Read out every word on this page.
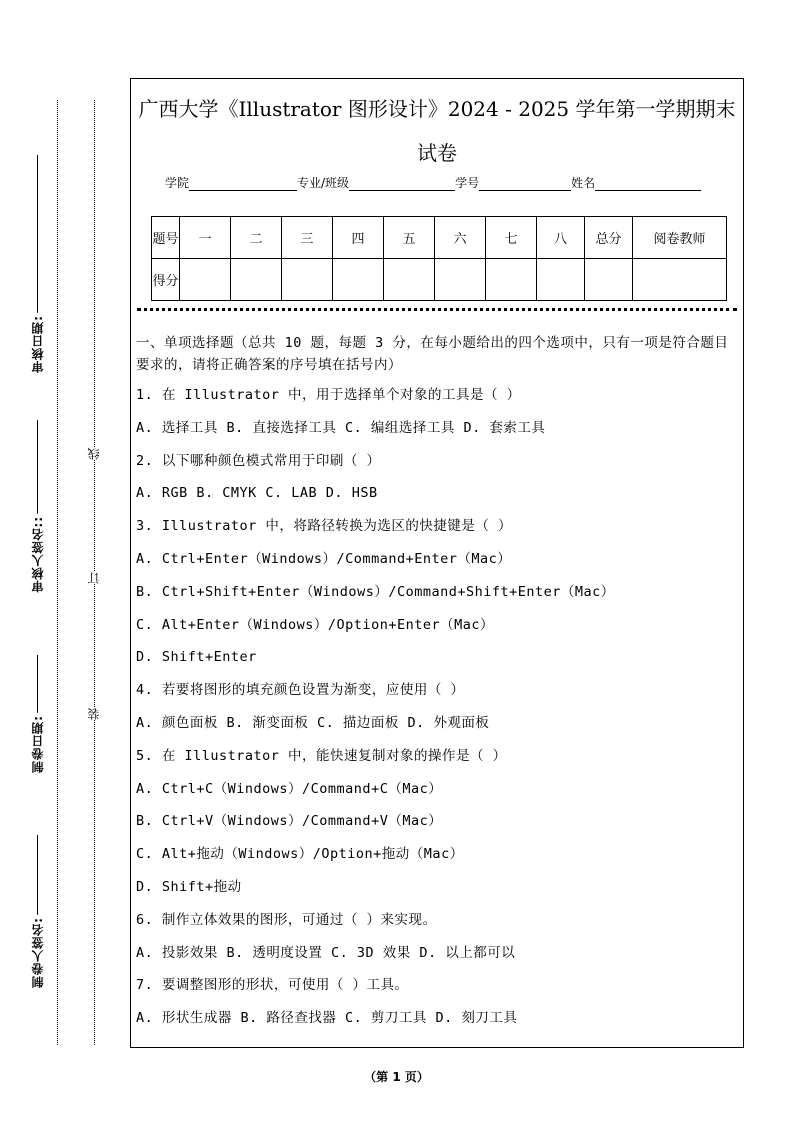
审核日期:
审核人签名::
制卷日期:
制卷人签名:
线
订
装
广西大学《Illustrator 图形设计》2024 - 2025 学年第一学期期末试卷
学院	专业/班级	学号	姓名
题号	一	二	三	四	五	六	七	八	总分	阅卷教师
得分										
一、单项选择题（总共 10 题，每题 3 分，在每小题给出的四个选项中，只有一项是符合题目要求的，请将正确答案的序号填在括号内）
1. 在 Illustrator 中，用于选择单个对象的工具是（ ）
A. 选择工具 B. 直接选择工具 C. 编组选择工具 D. 套索工具
2. 以下哪种颜色模式常用于印刷（ ）
A. RGB B. CMYK C. LAB D. HSB
3. Illustrator 中，将路径转换为选区的快捷键是（ ）
A. Ctrl+Enter（Windows）/Command+Enter（Mac）
B. Ctrl+Shift+Enter（Windows）/Command+Shift+Enter（Mac）
C. Alt+Enter（Windows）/Option+Enter（Mac）
D. Shift+Enter
4. 若要将图形的填充颜色设置为渐变，应使用（ ）
A. 颜色面板 B. 渐变面板 C. 描边面板 D. 外观面板
5. 在 Illustrator 中，能快速复制对象的操作是（ ）
A. Ctrl+C（Windows）/Command+C（Mac）
B. Ctrl+V（Windows）/Command+V（Mac）
C. Alt+拖动（Windows）/Option+拖动（Mac）
D. Shift+拖动
6. 制作立体效果的图形，可通过（ ）来实现。
A. 投影效果 B. 透明度设置 C. 3D 效果 D. 以上都可以
7. 要调整图形的形状，可使用（ ）工具。
A. 形状生成器 B. 路径查找器 C. 剪刀工具 D. 刻刀工具
（第 1 页）
